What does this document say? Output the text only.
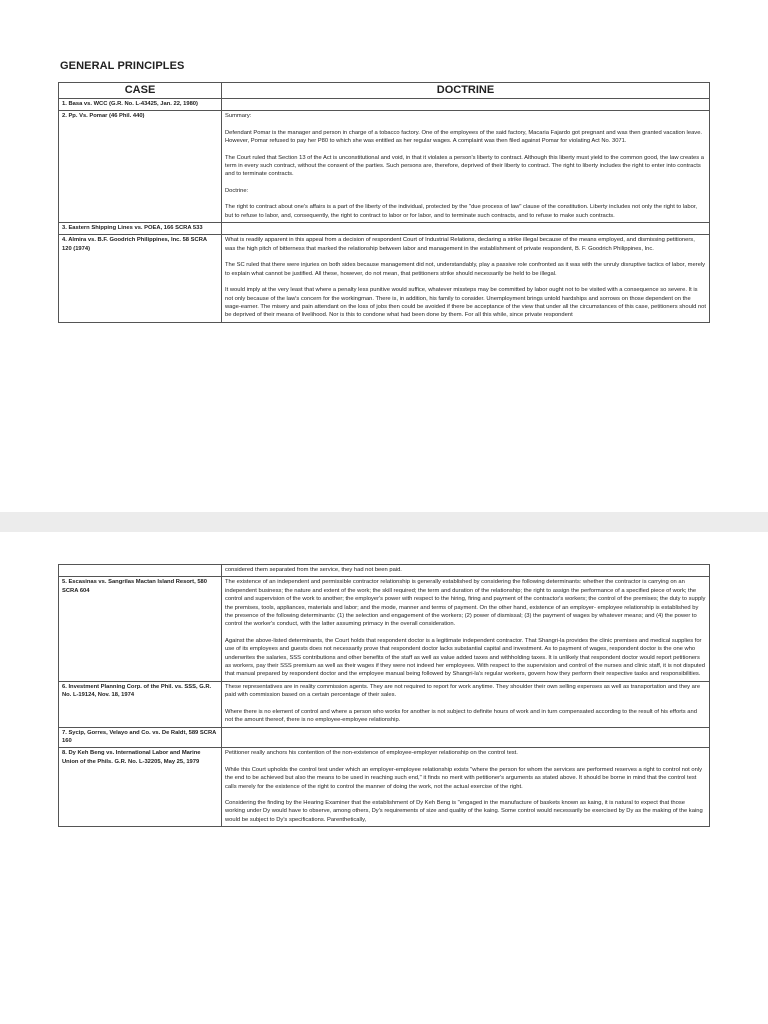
GENERAL PRINCIPLES
CASE	DOCTRINE
1. Basa vs. WCC (G.R. No. L-43425, Jan. 22, 1980)	
2. Pp. Vs. Pomar (46 Phil. 440)	Summary:

Defendant Pomar is the manager and person in charge of a tobacco factory. One of the employees of the said factory, Macaria Fajardo got pregnant and was then granted vacation leave. However, Pomar refused to pay her P80 to which she was entitled as her regular wages. A complaint was then filed against Pomar for violating Act No. 3071.

The Court ruled that Section 13 of the Act is unconstitutional and void, in that it violates a person's liberty to contract. Although this liberty must yield to the common good, the law creates a term in every such contract, without the consent of the parties. Such persons are, therefore, deprived of their liberty to contract. The right to liberty includes the right to enter into contracts and to terminate contracts.

Doctrine:

The right to contract about one's affairs is a part of the liberty of the individual, protected by the "due process of law" clause of the constitution. Liberty includes not only the right to labor, but to refuse to labor, and, consequently, the right to contract to labor or for labor, and to terminate such contracts, and to refuse to make such contracts.

3. Eastern Shipping Lines vs. POEA, 166 SCRA 533	
4. Almira vs. B.F. Goodrich Philippines, Inc. 58 SCRA 120 (1974)	What is readily apparent in this appeal from a decision of respondent Court of Industrial Relations, declaring a strike illegal because of the means employed, and dismissing petitioners, was the high pitch of bitterness that marked the relationship between labor and management in the establishment of private respondent, B. F. Goodrich Philippines, Inc.

The SC ruled that there were injuries on both sides because management did not, understandably, play a passive role confronted as it was with the unruly disruptive tactics of labor, merely to explain what cannot be justified. All these, however, do not mean, that petitioners strike should necessarily be held to be illegal.

It would imply at the very least that where a penalty less punitive would suffice, whatever missteps may be committed by labor ought not to be visited with a consequence so severe. It is not only because of the law's concern for the workingman. There is, in addition, his family to consider. Unemployment brings untold hardships and sorrows on those dependent on the wage-earner. The misery and pain attendant on the loss of jobs then could be avoided if there be acceptance of the view that under all the circumstances of this case, petitioners should not be deprived of their means of livelihood. Nor is this to condone what had been done by them. For all this while, since private respondent

	considered them separated from the service, they had not been paid.

5. Escasinas vs. Sangrilas Mactan Island Resort, 580 SCRA 604	The existence of an independent and permissible contractor relationship is generally established by considering the following determinants: whether the contractor is carrying on an independent business; the nature and extent of the work; the skill required; the term and duration of the relationship; the right to assign the performance of a specified piece of work; the control and supervision of the work to another; the employer's power with respect to the hiring, firing and payment of the contractor's workers; the control of the premises; the duty to supply the premises, tools, appliances, materials and labor; and the mode, manner and terms of payment. On the other hand, existence of an employer- employee relationship is established by the presence of the following determinants: (1) the selection and engagement of the workers; (2) power of dismissal; (3) the payment of wages by whatever means; and (4) the power to control the worker's conduct, with the latter assuming primacy in the overall consideration.

Against the above-listed determinants, the Court holds that respondent doctor is a legitimate independent contractor. That Shangri-la provides the clinic premises and medical supplies for use of its employees and guests does not necessarily prove that respondent doctor lacks substantial capital and investment. As to payment of wages, respondent doctor is the one who underwrites the salaries, SSS contributions and other benefits of the staff as well as value added taxes and withholding taxes. It is unlikely that respondent doctor would report petitioners as workers, pay their SSS premium as well as their wages if they were not indeed her employees. With respect to the supervision and control of the nurses and clinic staff, it is not disputed that manual prepared by respondent doctor and the employee manual being followed by Shangri-la's regular workers, govern how they perform their respective tasks and responsibilities.

6. Investment Planning Corp. of the Phil. vs. SSS, G.R. No. L-19124, Nov. 18, 1974	These representatives are in reality commission agents. They are not required to report for work anytime. They shoulder their own selling expenses as well as transportation and they are paid with commission based on a certain percentage of their sales.

Where there is no element of control and where a person who works for another is not subject to definite hours of work and in turn compensated according to the result of his efforts and not the amount thereof, there is no employee-employee relationship.

7. Sycip, Gorres, Velayo and Co. vs. De Raldt, 589 SCRA 160	
8. Dy Keh Beng vs. International Labor and Marine Union of the Phils. G.R. No. L-32205, May 25, 1979	Petitioner really anchors his contention of the non-existence of employee-employer relationship on the control test.

While this Court upholds the control test under which an employer-employee relationship exists "where the person for whom the services are performed reserves a right to control not only the end to be achieved but also the means to be used in reaching such end," it finds no merit with petitioner's arguments as stated above. It should be borne in mind that the control test calls merely for the existence of the right to control the manner of doing the work, not the actual exercise of the right.

Considering the finding by the Hearing Examiner that the establishment of Dy Keh Beng is "engaged in the manufacture of baskets known as kaing, it is natural to expect that those working under Dy would have to observe, among others, Dy's requirements of size and quality of the kaing. Some control would necessarily be exercised by Dy as the making of the kaing would be subject to Dy's specifications. Parenthetically,
